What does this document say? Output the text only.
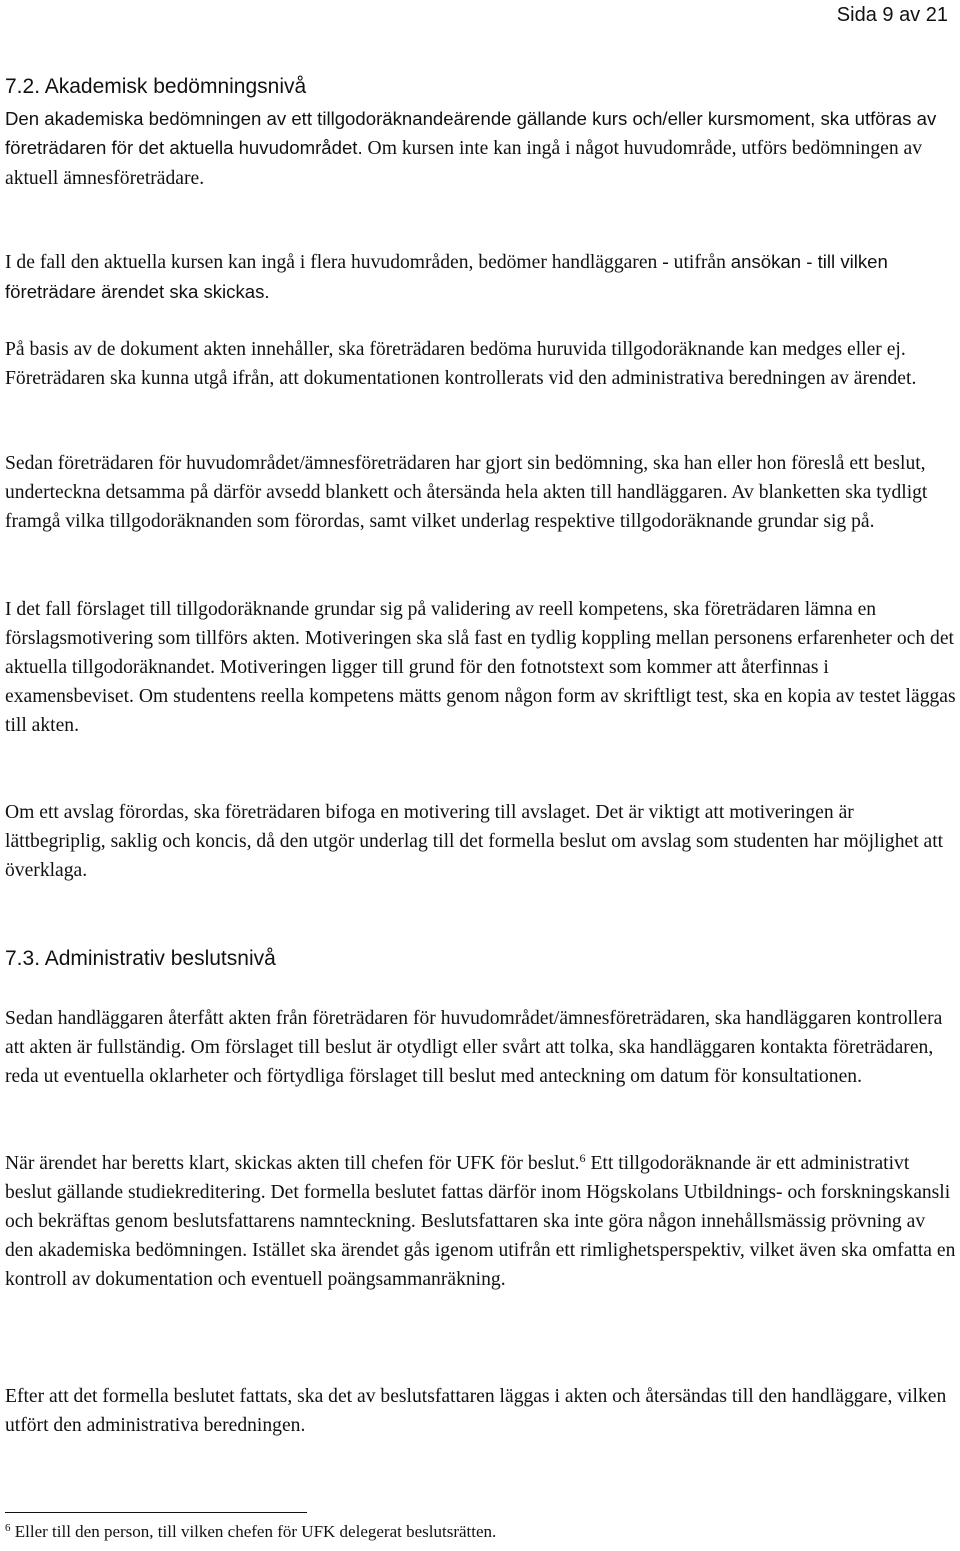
Sida 9 av 21
7.2. Akademisk bedömningsnivå

Den akademiska bedömningen av ett tillgodoräknandeärende gällande kurs och/eller kursmoment, ska utföras av företrädaren för det aktuella huvudområdet. Om kursen inte kan ingå i något huvudområde, utförs bedömningen av aktuell ämnesföreträdare.

I de fall den aktuella kursen kan ingå i flera huvudområden, bedömer handläggaren - utifrån ansökan - till vilken företrädare ärendet ska skickas.

På basis av de dokument akten innehåller, ska företrädaren bedöma huruvida tillgodoräknande kan medges eller ej. Företrädaren ska kunna utgå ifrån, att dokumentationen kontrollerats vid den administrativa beredningen av ärendet.

Sedan företrädaren för huvudområdet/ämnesföreträdaren har gjort sin bedömning, ska han eller hon föreslå ett beslut, underteckna detsamma på därför avsedd blankett och återsända hela akten till handläggaren. Av blanketten ska tydligt framgå vilka tillgodoräknanden som förordas, samt vilket underlag respektive tillgodoräknande grundar sig på.

I det fall förslaget till tillgodoräknande grundar sig på validering av reell kompetens, ska företrädaren lämna en förslagsmotivering som tillförs akten. Motiveringen ska slå fast en tydlig koppling mellan personens erfarenheter och det aktuella tillgodoräknandet. Motiveringen ligger till grund för den fotnotstext som kommer att återfinnas i examensbeviset. Om studentens reella kompetens mätts genom någon form av skriftligt test, ska en kopia av testet läggas till akten.

Om ett avslag förordas, ska företrädaren bifoga en motivering till avslaget. Det är viktigt att motiveringen är lättbegriplig, saklig och koncis, då den utgör underlag till det formella beslut om avslag som studenten har möjlighet att överklaga.

7.3. Administrativ beslutsnivå

Sedan handläggaren återfått akten från företrädaren för huvudområdet/ämnesföreträdaren, ska handläggaren kontrollera att akten är fullständig. Om förslaget till beslut är otydligt eller svårt att tolka, ska handläggaren kontakta företrädaren, reda ut eventuella oklarheter och förtydliga förslaget till beslut med anteckning om datum för konsultationen.

När ärendet har beretts klart, skickas akten till chefen för UFK för beslut.$^6$ Ett tillgodoräknande är ett administrativt beslut gällande studiekreditering. Det formella beslutet fattas därför inom Högskolans Utbildnings- och forskningskansli och bekräftas genom beslutsfattarens namnteckning. Beslutsfattaren ska inte göra någon innehållsmässig prövning av den akademiska bedömningen. Istället ska ärendet gås igenom utifrån ett rimlighetsperspektiv, vilket även ska omfatta en kontroll av dokumentation och eventuell poängsammanräkning.

Efter att det formella beslutet fattats, ska det av beslutsfattaren läggas i akten och återsändas till den handläggare, vilken utfört den administrativa beredningen.

$^6$ Eller till den person, till vilken chefen för UFK delegerat beslutsrätten.
